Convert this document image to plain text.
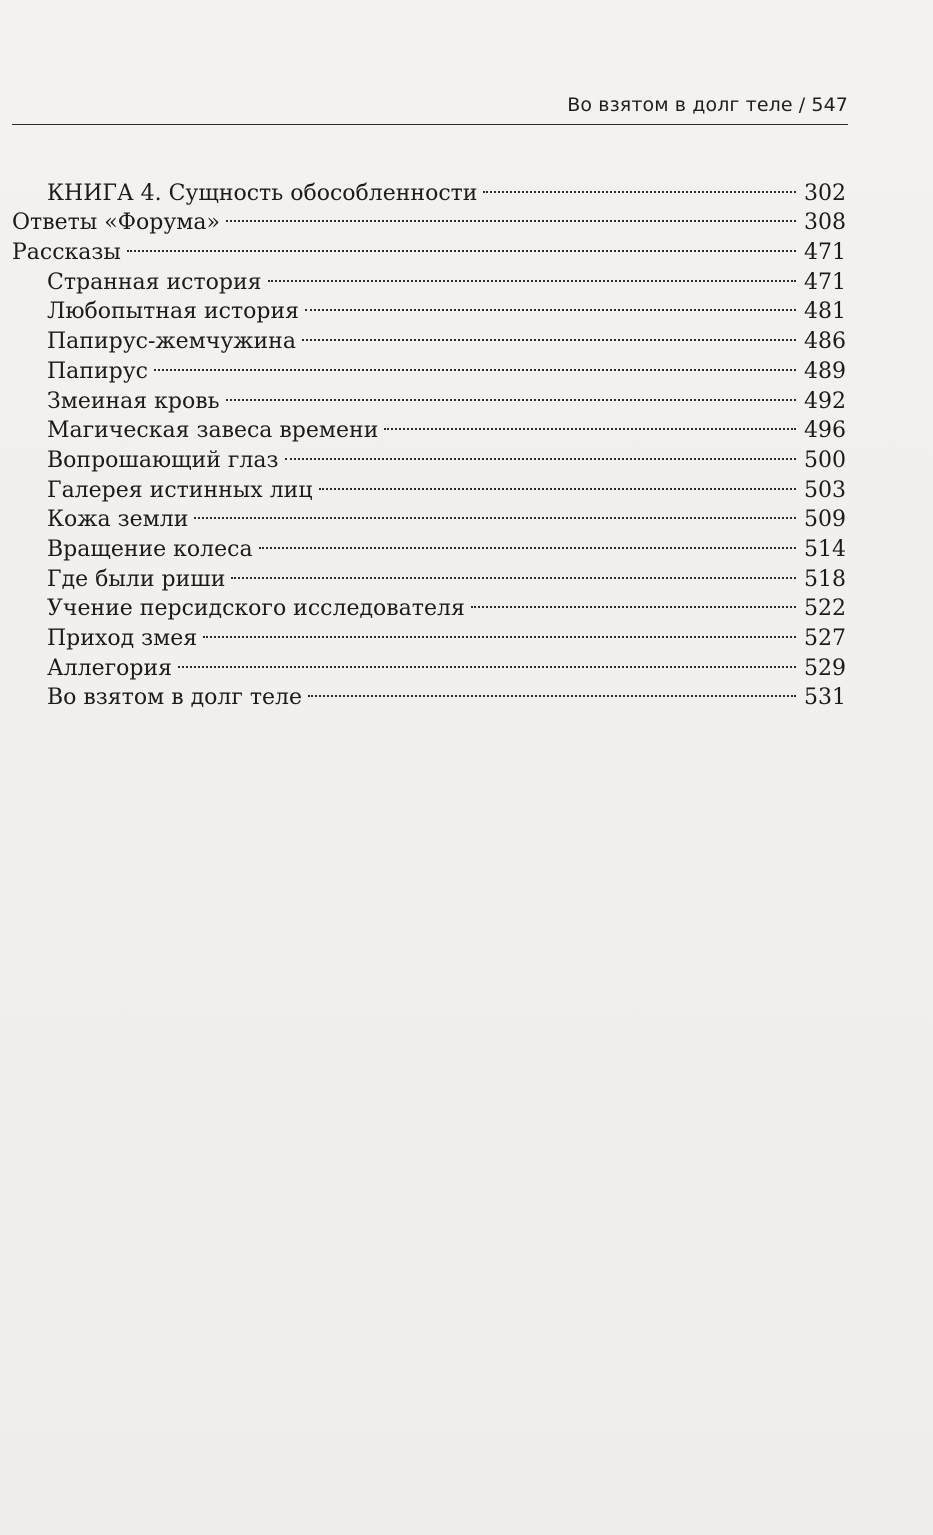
Во взятом в долг теле / 547
КНИГА 4. Сущность обособленности	302
Ответы «Форума»	308
Рассказы	471
Странная история	471
Любопытная история	481
Папирус-жемчужина	486
Папирус	489
Змеиная кровь	492
Магическая завеса времени	496
Вопрошающий глаз	500
Галерея истинных лиц	503
Кожа земли	509
Вращение колеса	514
Где были риши	518
Учение персидского исследователя	522
Приход змея	527
Аллегория	529
Во взятом в долг теле	531
